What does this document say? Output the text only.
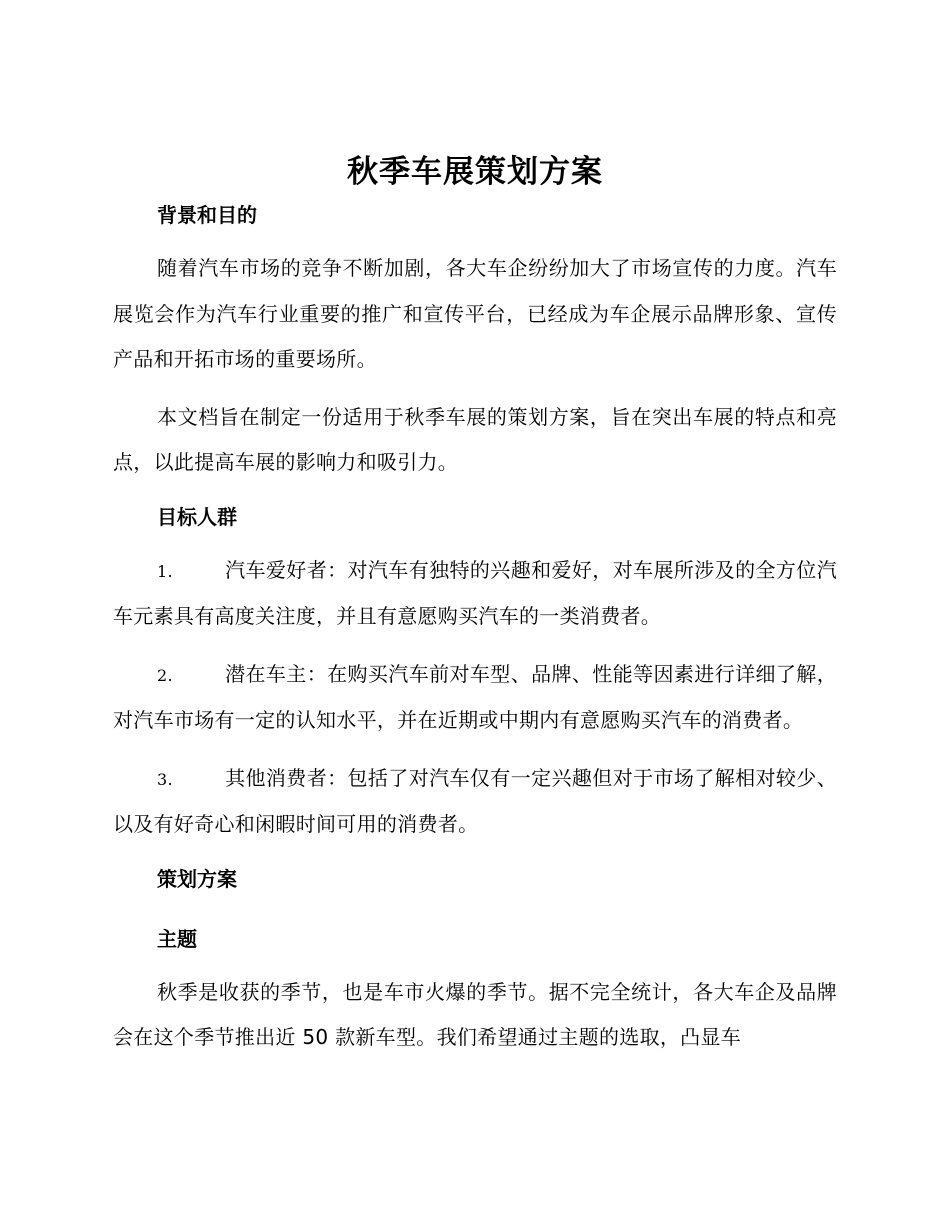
秋季车展策划方案
背景和目的

随着汽车市场的竞争不断加剧，各大车企纷纷加大了市场宣传的力度。汽车展览会作为汽车行业重要的推广和宣传平台，已经成为车企展示品牌形象、宣传产品和开拓市场的重要场所。

本文档旨在制定一份适用于秋季车展的策划方案，旨在突出车展的特点和亮点，以此提高车展的影响力和吸引力。

目标人群

1.	汽车爱好者：对汽车有独特的兴趣和爱好，对车展所涉及的全方位汽车元素具有高度关注度，并且有意愿购买汽车的一类消费者。

2.	潜在车主：在购买汽车前对车型、品牌、性能等因素进行详细了解，对汽车市场有一定的认知水平，并在近期或中期内有意愿购买汽车的消费者。

3.	其他消费者：包括了对汽车仅有一定兴趣但对于市场了解相对较少、以及有好奇心和闲暇时间可用的消费者。

策划方案
主题

秋季是收获的季节，也是车市火爆的季节。据不完全统计，各大车企及品牌会在这个季节推出近 50 款新车型。我们希望通过主题的选取，凸显车
